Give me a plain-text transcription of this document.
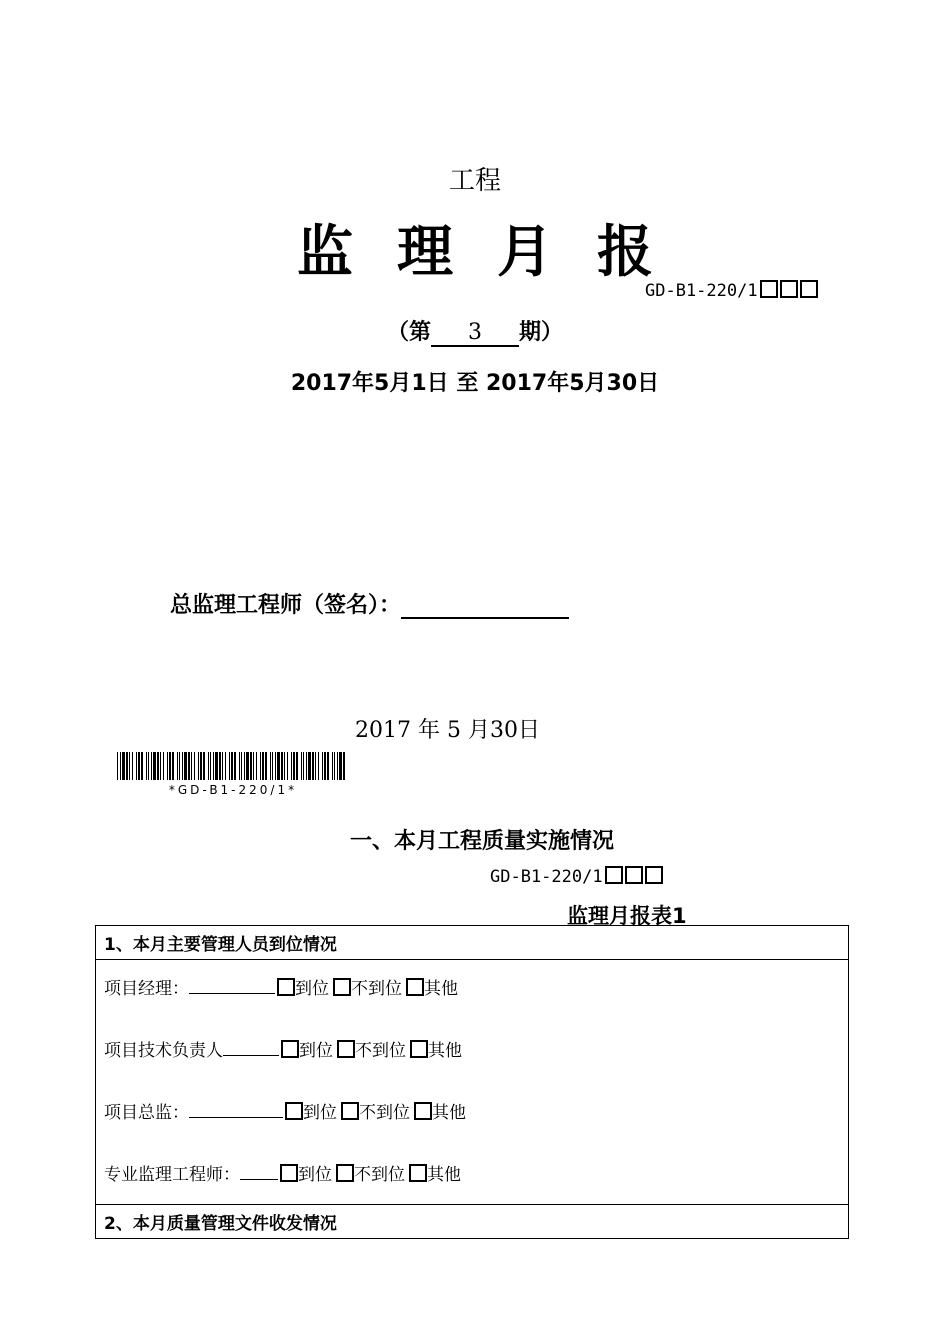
工程
监理月报
GD-B1-220/1
（第 3 期）
2017年5月1日 至 2017年5月30日
总监理工程师（签名）：
2017 年 5 月30日
*GD-B1-220/1*
一、本月工程质量实施情况
GD-B1-220/1
监理月报表1
1、本月主要管理人员到位情况
项目经理：	到位 不到位 其他
项目技术负责人	到位 不到位 其他
项目总监：	到位 不到位 其他
专业监理工程师：	到位 不到位 其他
2、本月质量管理文件收发情况
